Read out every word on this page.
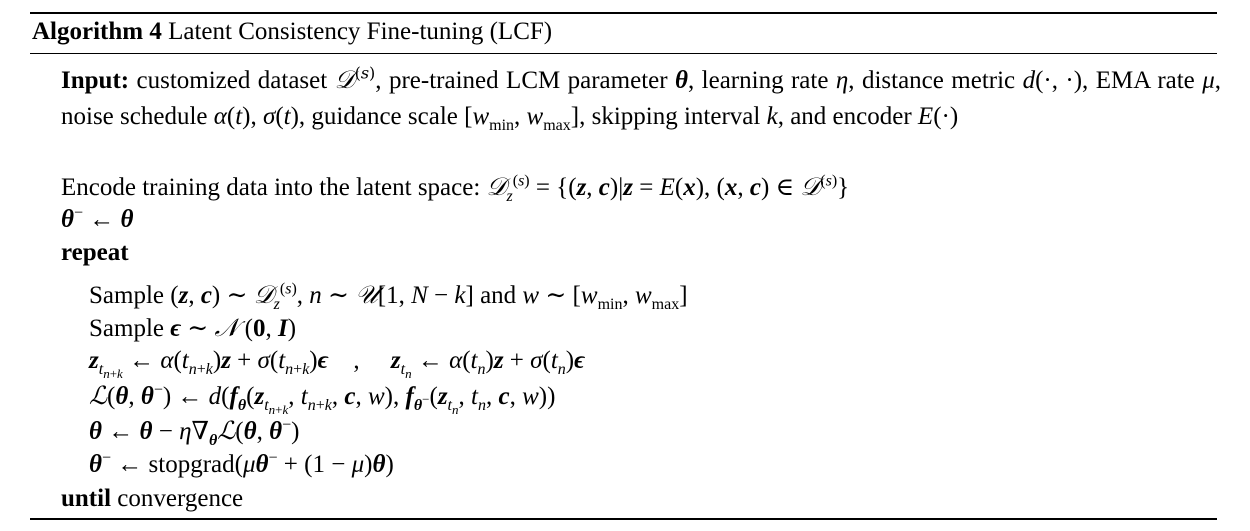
Algorithm 4 Latent Consistency Fine-tuning (LCF)
Input: customized dataset 𝒟$^{(s)}$, pre-trained LCM parameter θ, learning rate η, distance metric d(·, ·), EMA rate μ, noise schedule α(t), σ(t), guidance scale [$w_{min}$, $w_{max}$], skipping interval k, and encoder E(·)
Encode training data into the latent space: 𝒟$_z^{(s)}$ = {(z, c)|z = E(x), (x, c) ∈ 𝒟$^{(s)}$}
θ− ← θ
repeat
Sample (z, c) ∼ 𝒟$_z^{(s)}$, n ∼ 𝒰[1, N − k] and w ∼ [$w_{min}$, $w_{max}$]
Sample ϵ ∼ 𝒩 (0, I)
$z_{t_{n+k}}$ ← $\alpha(t_{n+k})z + \sigma(t_{n+k})\epsilon$    ,     $z_{t_n}$ ← $\alpha(t_n)z + \sigma(t_n)\epsilon$
ℒ(θ, θ−) ← $d(f_\theta(z_{t_{n+k}}$, $t_{n+k}$, c, w), $f_{\theta^-}(z_{t_n}$, $t_n$, c, w))
θ ← $\theta - \eta\nabla_\theta ℒ(\theta$, θ−)
θ− ← stopgrad(μθ− + (1 − μ)θ)
until convergence
